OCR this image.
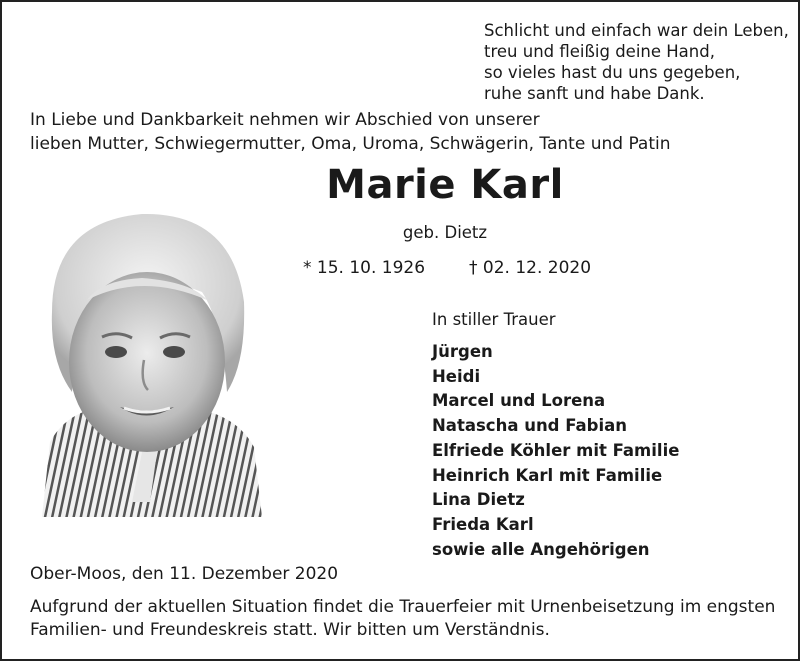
Schlicht und einfach war dein Leben,
treu und fleißig deine Hand,
so vieles hast du uns gegeben,
ruhe sanft und habe Dank.
In Liebe und Dankbarkeit nehmen wir Abschied von unserer
lieben Mutter, Schwiegermutter, Oma, Uroma, Schwägerin, Tante und Patin
Marie Karl
geb. Dietz
* 15. 10. 1926	† 02. 12. 2020
In stiller Trauer
Jürgen
Heidi
Marcel und Lorena
Natascha und Fabian
Elfriede Köhler mit Familie
Heinrich Karl mit Familie
Lina Dietz
Frieda Karl
sowie alle Angehörigen
Ober-Moos, den 11. Dezember 2020
Aufgrund der aktuellen Situation findet die Trauerfeier mit Urnenbeisetzung im engsten
Familien- und Freundeskreis statt. Wir bitten um Verständnis.
